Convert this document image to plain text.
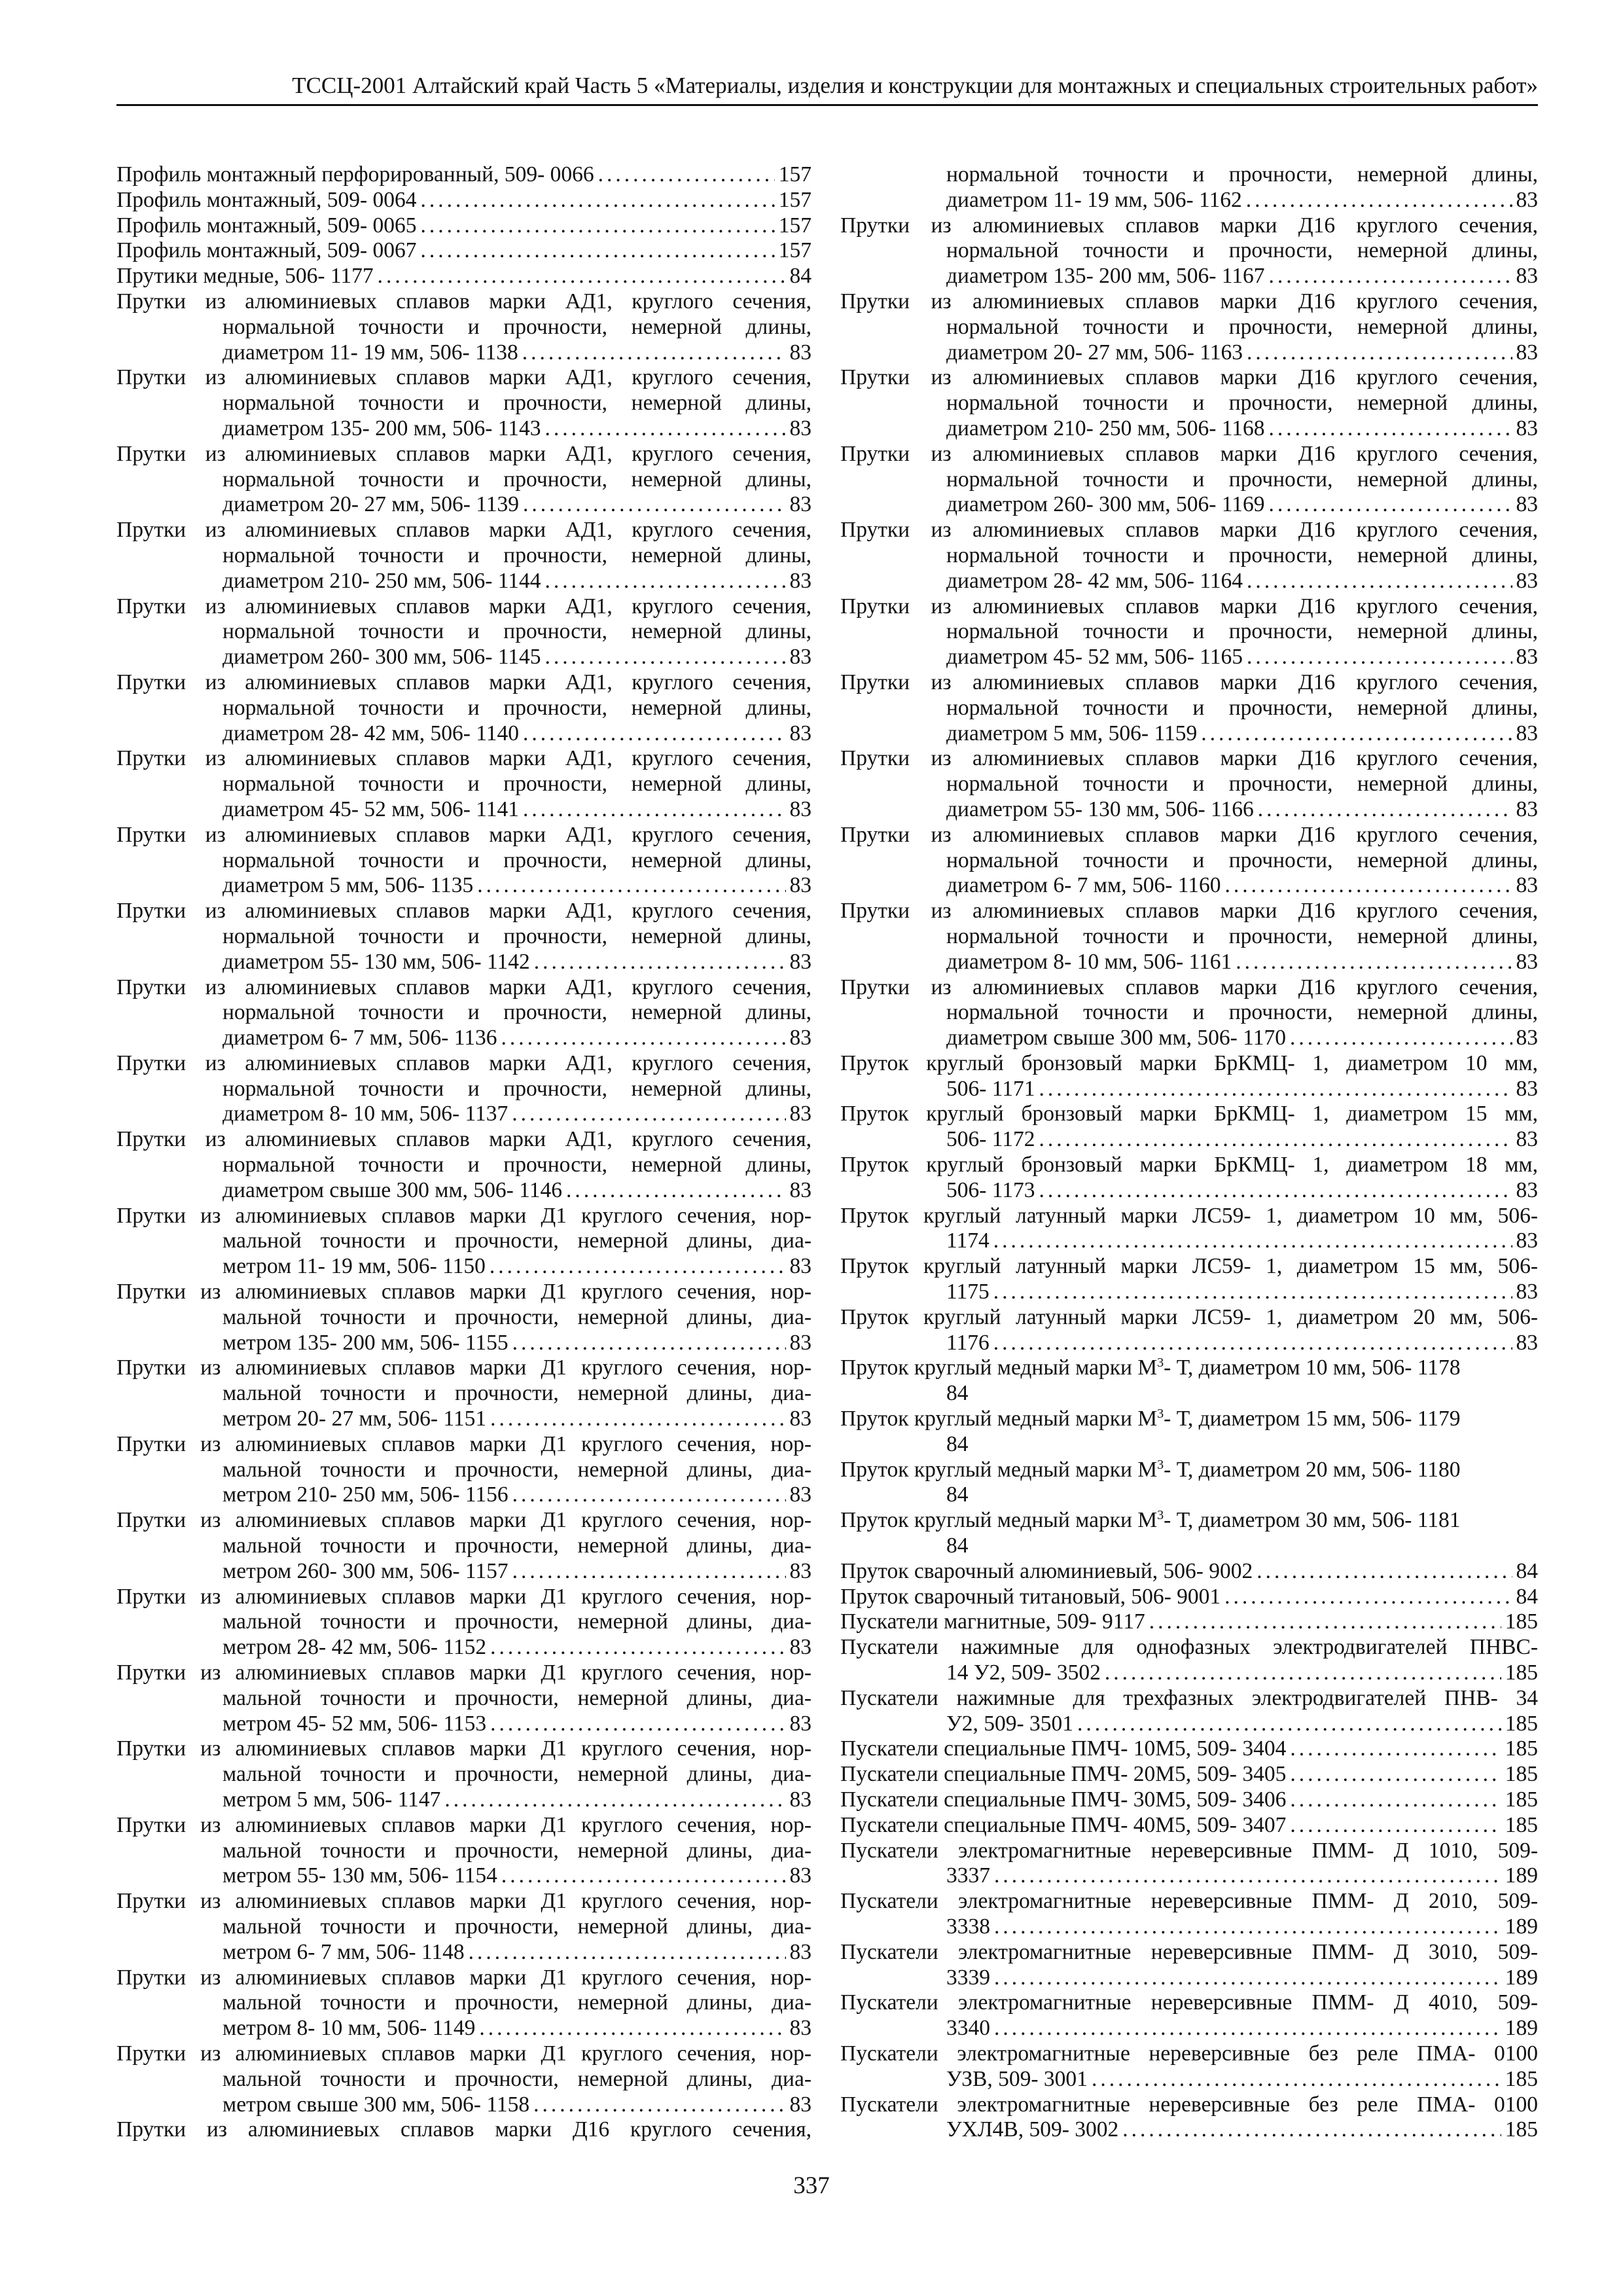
ТССЦ-2001 Алтайский край Часть 5 «Материалы, изделия и конструкции для монтажных и специальных строительных работ»
Профиль монтажный перфорированный, 509- 0066 .....	157
Профиль монтажный, 509- 0064 .....	157
Профиль монтажный, 509- 0065 .....	157
Профиль монтажный, 509- 0067 .....	157
Прутики медные, 506- 1177 .....	84
Прутки из алюминиевых сплавов марки АД1, круглого сечения,
нормальной точности и прочности, немерной длины,
диаметром 11- 19 мм, 506- 1138 .....	83
Прутки из алюминиевых сплавов марки АД1, круглого сечения,
нормальной точности и прочности, немерной длины,
диаметром 135- 200 мм, 506- 1143 .....	83
Прутки из алюминиевых сплавов марки АД1, круглого сечения,
нормальной точности и прочности, немерной длины,
диаметром 20- 27 мм, 506- 1139 .....	83
Прутки из алюминиевых сплавов марки АД1, круглого сечения,
нормальной точности и прочности, немерной длины,
диаметром 210- 250 мм, 506- 1144 .....	83
Прутки из алюминиевых сплавов марки АД1, круглого сечения,
нормальной точности и прочности, немерной длины,
диаметром 260- 300 мм, 506- 1145 .....	83
Прутки из алюминиевых сплавов марки АД1, круглого сечения,
нормальной точности и прочности, немерной длины,
диаметром 28- 42 мм, 506- 1140 .....	83
Прутки из алюминиевых сплавов марки АД1, круглого сечения,
нормальной точности и прочности, немерной длины,
диаметром 45- 52 мм, 506- 1141 .....	83
Прутки из алюминиевых сплавов марки АД1, круглого сечения,
нормальной точности и прочности, немерной длины,
диаметром 5 мм, 506- 1135 .....	83
Прутки из алюминиевых сплавов марки АД1, круглого сечения,
нормальной точности и прочности, немерной длины,
диаметром 55- 130 мм, 506- 1142 .....	83
Прутки из алюминиевых сплавов марки АД1, круглого сечения,
нормальной точности и прочности, немерной длины,
диаметром 6- 7 мм, 506- 1136 .....	83
Прутки из алюминиевых сплавов марки АД1, круглого сечения,
нормальной точности и прочности, немерной длины,
диаметром 8- 10 мм, 506- 1137 .....	83
Прутки из алюминиевых сплавов марки АД1, круглого сечения,
нормальной точности и прочности, немерной длины,
диаметром свыше 300 мм, 506- 1146 .....	83
Прутки из алюминиевых сплавов марки Д1 круглого сечения, нор-
мальной точности и прочности, немерной длины, диа-
метром 11- 19 мм, 506- 1150 .....	83
Прутки из алюминиевых сплавов марки Д1 круглого сечения, нор-
мальной точности и прочности, немерной длины, диа-
метром 135- 200 мм, 506- 1155 .....	83
Прутки из алюминиевых сплавов марки Д1 круглого сечения, нор-
мальной точности и прочности, немерной длины, диа-
метром 20- 27 мм, 506- 1151 .....	83
Прутки из алюминиевых сплавов марки Д1 круглого сечения, нор-
мальной точности и прочности, немерной длины, диа-
метром 210- 250 мм, 506- 1156 .....	83
Прутки из алюминиевых сплавов марки Д1 круглого сечения, нор-
мальной точности и прочности, немерной длины, диа-
метром 260- 300 мм, 506- 1157 .....	83
Прутки из алюминиевых сплавов марки Д1 круглого сечения, нор-
мальной точности и прочности, немерной длины, диа-
метром 28- 42 мм, 506- 1152 .....	83
Прутки из алюминиевых сплавов марки Д1 круглого сечения, нор-
мальной точности и прочности, немерной длины, диа-
метром 45- 52 мм, 506- 1153 .....	83
Прутки из алюминиевых сплавов марки Д1 круглого сечения, нор-
мальной точности и прочности, немерной длины, диа-
метром 5 мм, 506- 1147 .....	83
Прутки из алюминиевых сплавов марки Д1 круглого сечения, нор-
мальной точности и прочности, немерной длины, диа-
метром 55- 130 мм, 506- 1154 .....	83
Прутки из алюминиевых сплавов марки Д1 круглого сечения, нор-
мальной точности и прочности, немерной длины, диа-
метром 6- 7 мм, 506- 1148 .....	83
Прутки из алюминиевых сплавов марки Д1 круглого сечения, нор-
мальной точности и прочности, немерной длины, диа-
метром 8- 10 мм, 506- 1149 .....	83
Прутки из алюминиевых сплавов марки Д1 круглого сечения, нор-
мальной точности и прочности, немерной длины, диа-
метром свыше 300 мм, 506- 1158 .....	83
Прутки из алюминиевых сплавов марки Д16 круглого сечения,
нормальной точности и прочности, немерной длины,
диаметром 11- 19 мм, 506- 1162 .....	83
Прутки из алюминиевых сплавов марки Д16 круглого сечения,
нормальной точности и прочности, немерной длины,
диаметром 135- 200 мм, 506- 1167 .....	83
Прутки из алюминиевых сплавов марки Д16 круглого сечения,
нормальной точности и прочности, немерной длины,
диаметром 20- 27 мм, 506- 1163 .....	83
Прутки из алюминиевых сплавов марки Д16 круглого сечения,
нормальной точности и прочности, немерной длины,
диаметром 210- 250 мм, 506- 1168 .....	83
Прутки из алюминиевых сплавов марки Д16 круглого сечения,
нормальной точности и прочности, немерной длины,
диаметром 260- 300 мм, 506- 1169 .....	83
Прутки из алюминиевых сплавов марки Д16 круглого сечения,
нормальной точности и прочности, немерной длины,
диаметром 28- 42 мм, 506- 1164 .....	83
Прутки из алюминиевых сплавов марки Д16 круглого сечения,
нормальной точности и прочности, немерной длины,
диаметром 45- 52 мм, 506- 1165 .....	83
Прутки из алюминиевых сплавов марки Д16 круглого сечения,
нормальной точности и прочности, немерной длины,
диаметром 5 мм, 506- 1159 .....	83
Прутки из алюминиевых сплавов марки Д16 круглого сечения,
нормальной точности и прочности, немерной длины,
диаметром 55- 130 мм, 506- 1166 .....	83
Прутки из алюминиевых сплавов марки Д16 круглого сечения,
нормальной точности и прочности, немерной длины,
диаметром 6- 7 мм, 506- 1160 .....	83
Прутки из алюминиевых сплавов марки Д16 круглого сечения,
нормальной точности и прочности, немерной длины,
диаметром 8- 10 мм, 506- 1161 .....	83
Прутки из алюминиевых сплавов марки Д16 круглого сечения,
нормальной точности и прочности, немерной длины,
диаметром свыше 300 мм, 506- 1170 .....	83
Пруток круглый бронзовый марки БрКМЦ- 1, диаметром 10 мм,
506- 1171 .....	83
Пруток круглый бронзовый марки БрКМЦ- 1, диаметром 15 мм,
506- 1172 .....	83
Пруток круглый бронзовый марки БрКМЦ- 1, диаметром 18 мм,
506- 1173 .....	83
Пруток круглый латунный марки ЛС59- 1, диаметром 10 мм, 506-
1174 .....	83
Пруток круглый латунный марки ЛС59- 1, диаметром 15 мм, 506-
1175 .....	83
Пруток круглый латунный марки ЛС59- 1, диаметром 20 мм, 506-
1176 .....	83
Пруток круглый медный марки $М^3-$ Т, диаметром 10 мм, 506- 1178
84
Пруток круглый медный марки $М^3-$ Т, диаметром 15 мм, 506- 1179
84
Пруток круглый медный марки $М^3-$ Т, диаметром 20 мм, 506- 1180
84
Пруток круглый медный марки $М^3-$ Т, диаметром 30 мм, 506- 1181
84
Пруток сварочный алюминиевый, 506- 9002 .....	84
Пруток сварочный титановый, 506- 9001 .....	84
Пускатели магнитные, 509- 9117 .....	185
Пускатели нажимные для однофазных электродвигателей ПНВС-
14 У2, 509- 3502 .....	185
Пускатели нажимные для трехфазных электродвигателей ПНВ- 34
У2, 509- 3501 .....	185
Пускатели специальные ПМЧ- 10М5, 509- 3404 .....	185
Пускатели специальные ПМЧ- 20М5, 509- 3405 .....	185
Пускатели специальные ПМЧ- 30М5, 509- 3406 .....	185
Пускатели специальные ПМЧ- 40М5, 509- 3407 .....	185
Пускатели электромагнитные нереверсивные ПММ- Д 1010, 509-
3337 .....	189
Пускатели электромагнитные нереверсивные ПММ- Д 2010, 509-
3338 .....	189
Пускатели электромагнитные нереверсивные ПММ- Д 3010, 509-
3339 .....	189
Пускатели электромагнитные нереверсивные ПММ- Д 4010, 509-
3340 .....	189
Пускатели электромагнитные нереверсивные без реле ПМА- 0100
УЗВ, 509- 3001 .....	185
Пускатели электромагнитные нереверсивные без реле ПМА- 0100
УХЛ4В, 509- 3002 .....	185
337
